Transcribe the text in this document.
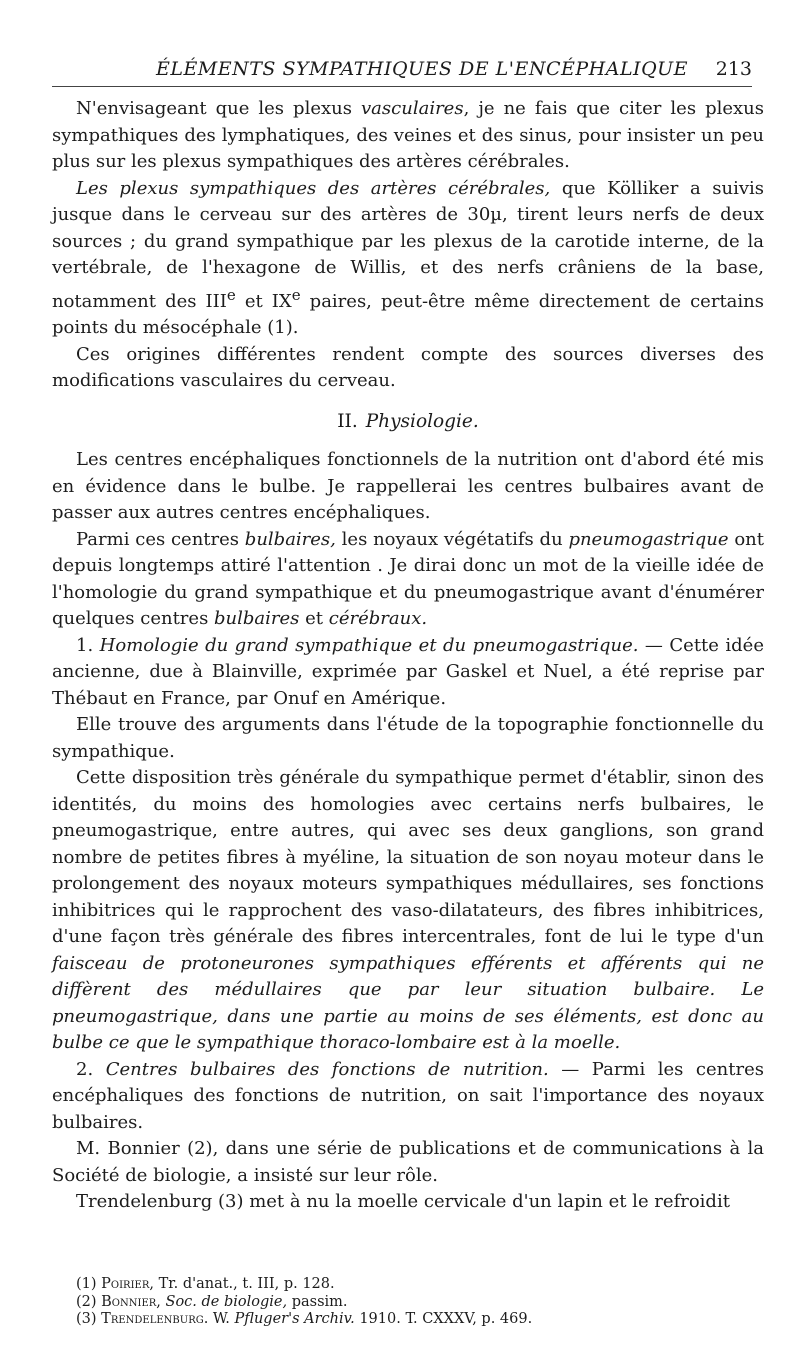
ÉLÉMENTS SYMPATHIQUES DE L'ENCÉPHALIQUE	213

N'envisageant que les plexus vasculaires, je ne fais que citer les plexus sympathiques des lymphatiques, des veines et des sinus, pour insister un peu plus sur les plexus sympathiques des artères cérébrales.

Les plexus sympathiques des artères cérébrales, que Kölliker a suivis jusque dans le cerveau sur des artères de 30µ, tirent leurs nerfs de deux sources ; du grand sympathique par les plexus de la carotide interne, de la vertébrale, de l'hexagone de Willis, et des nerfs crâniens de la base, notamment des IIIe et IXe paires, peut-être même directement de certains points du mésocéphale (1).

Ces origines différentes rendent compte des sources diverses des modifications vasculaires du cerveau.

II. Physiologie.

Les centres encéphaliques fonctionnels de la nutrition ont d'abord été mis en évidence dans le bulbe. Je rappellerai les centres bulbaires avant de passer aux autres centres encéphaliques.

Parmi ces centres bulbaires, les noyaux végétatifs du pneumogastrique ont depuis longtemps attiré l'attention . Je dirai donc un mot de la vieille idée de l'homologie du grand sympathique et du pneumogastrique avant d'énumérer quelques centres bulbaires et cérébraux.

1. Homologie du grand sympathique et du pneumogastrique. — Cette idée ancienne, due à Blainville, exprimée par Gaskel et Nuel, a été reprise par Thébaut en France, par Onuf en Amérique.

Elle trouve des arguments dans l'étude de la topographie fonctionnelle du sympathique.

Cette disposition très générale du sympathique permet d'établir, sinon des identités, du moins des homologies avec certains nerfs bulbaires, le pneumogastrique, entre autres, qui avec ses deux ganglions, son grand nombre de petites fibres à myéline, la situation de son noyau moteur dans le prolongement des noyaux moteurs sympathiques médullaires, ses fonctions inhibitrices qui le rapprochent des vaso-dilatateurs, des fibres inhibitrices, d'une façon très générale des fibres intercentrales, font de lui le type d'un faisceau de protoneurones sympathiques efférents et afférents qui ne diffèrent des médullaires que par leur situation bulbaire. Le pneumogastrique, dans une partie au moins de ses éléments, est donc au bulbe ce que le sympathique thoraco-lombaire est à la moelle.

2. Centres bulbaires des fonctions de nutrition. — Parmi les centres encéphaliques des fonctions de nutrition, on sait l'importance des noyaux bulbaires.

M. Bonnier (2), dans une série de publications et de communications à la Société de biologie, a insisté sur leur rôle.

Trendelenburg (3) met à nu la moelle cervicale d'un lapin et le refroidit

(1) Poirier, Tr. d'anat., t. III, p. 128.
(2) Bonnier, Soc. de biologie, passim.
(3) Trendelenburg. W. Pfluger's Archiv. 1910. T. CXXXV, p. 469.
